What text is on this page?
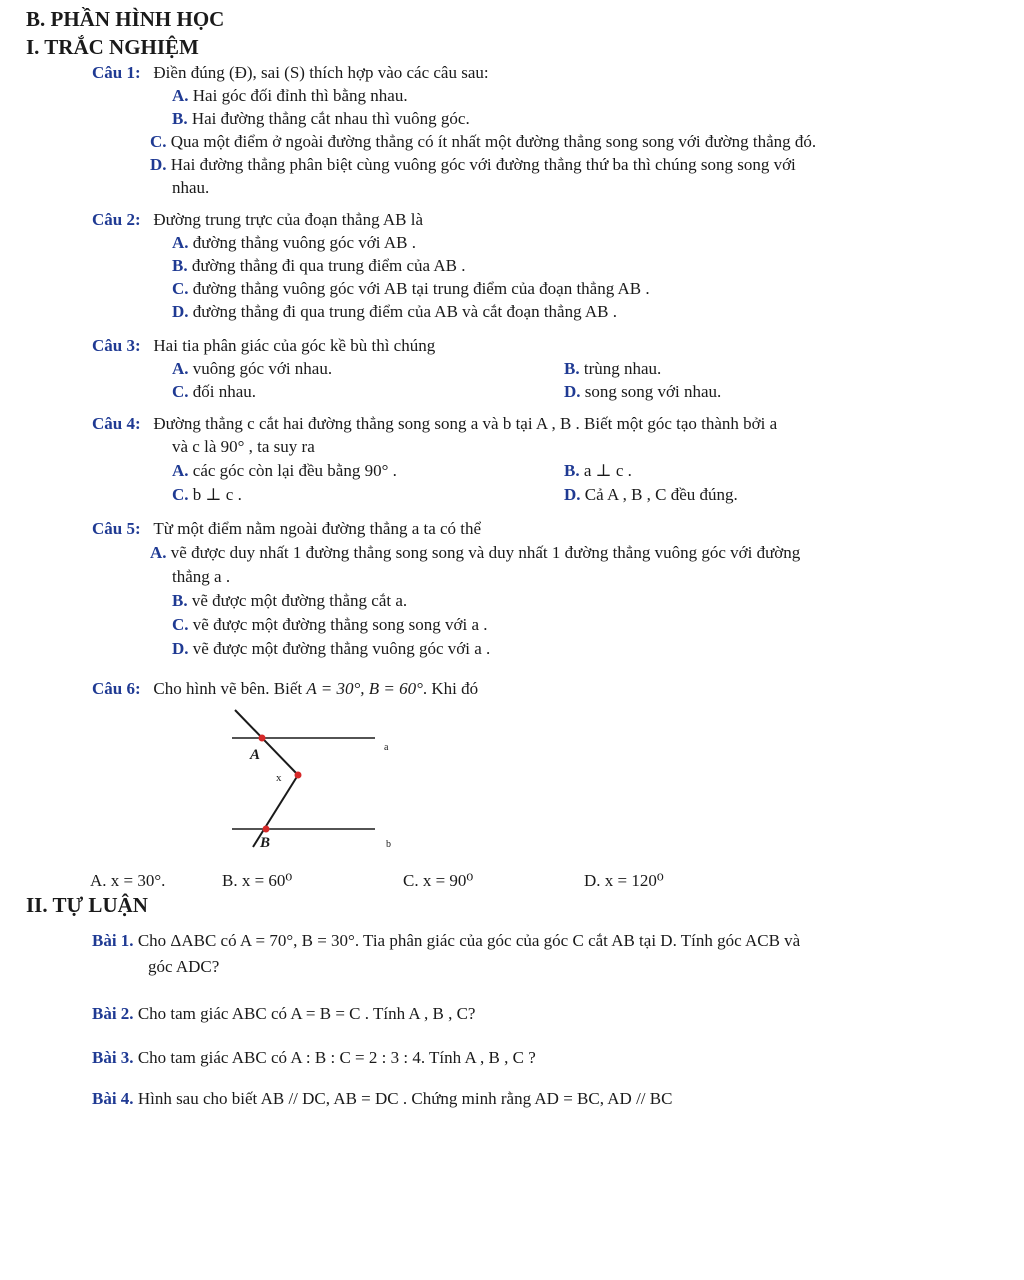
B. PHẦN HÌNH HỌC
I. TRẮC NGHIỆM
Câu 1: Điền đúng (Đ), sai (S) thích hợp vào các câu sau:
A. Hai góc đối đỉnh thì bằng nhau.
B. Hai đường thẳng cắt nhau thì vuông góc.
C. Qua một điểm ở ngoài đường thẳng có ít nhất một đường thẳng song song với đường thẳng đó.
D. Hai đường thẳng phân biệt cùng vuông góc với đường thẳng thứ ba thì chúng song song với
nhau.
Câu 2: Đường trung trực của đoạn thẳng AB là
A. đường thẳng vuông góc với AB .
B. đường thẳng đi qua trung điểm của AB .
C. đường thẳng vuông góc với AB tại trung điểm của đoạn thẳng AB .
D. đường thẳng đi qua trung điểm của AB và cắt đoạn thẳng AB .
Câu 3: Hai tia phân giác của góc kề bù thì chúng
A. vuông góc với nhau.	B. trùng nhau.
C. đối nhau.	D. song song với nhau.
Câu 4: Đường thẳng c cắt hai đường thẳng song song a và b tại A , B . Biết một góc tạo thành bởi a
và c là 90° , ta suy ra
A. các góc còn lại đều bằng 90° .	B. a ⊥ c .
C. b ⊥ c .	D. Cả A , B , C đều đúng.
Câu 5: Từ một điểm nằm ngoài đường thẳng a ta có thể
A. vẽ được duy nhất 1 đường thẳng song song và duy nhất 1 đường thẳng vuông góc với đường
thẳng a .
B. vẽ được một đường thẳng cắt a.
C. vẽ được một đường thẳng song song với a .
D. vẽ được một đường thẳng vuông góc với a .
Câu 6: Cho hình vẽ bên. Biết A = 30°, B = 60°. Khi đó
A
x
B
a
b
A. x = 30°.	B. x = 60⁰	C. x = 90⁰	D. x = 120⁰
II. TỰ LUẬN
Bài 1. Cho ΔABC có A = 70°, B = 30°. Tia phân giác của góc của góc C cắt AB tại D. Tính góc ACB và
góc ADC?
Bài 2. Cho tam giác ABC có A = B = C . Tính A , B , C?
Bài 3. Cho tam giác ABC có A : B : C = 2 : 3 : 4. Tính A , B , C ?
Bài 4. Hình sau cho biết AB // DC, AB = DC . Chứng minh rằng AD = BC, AD // BC
